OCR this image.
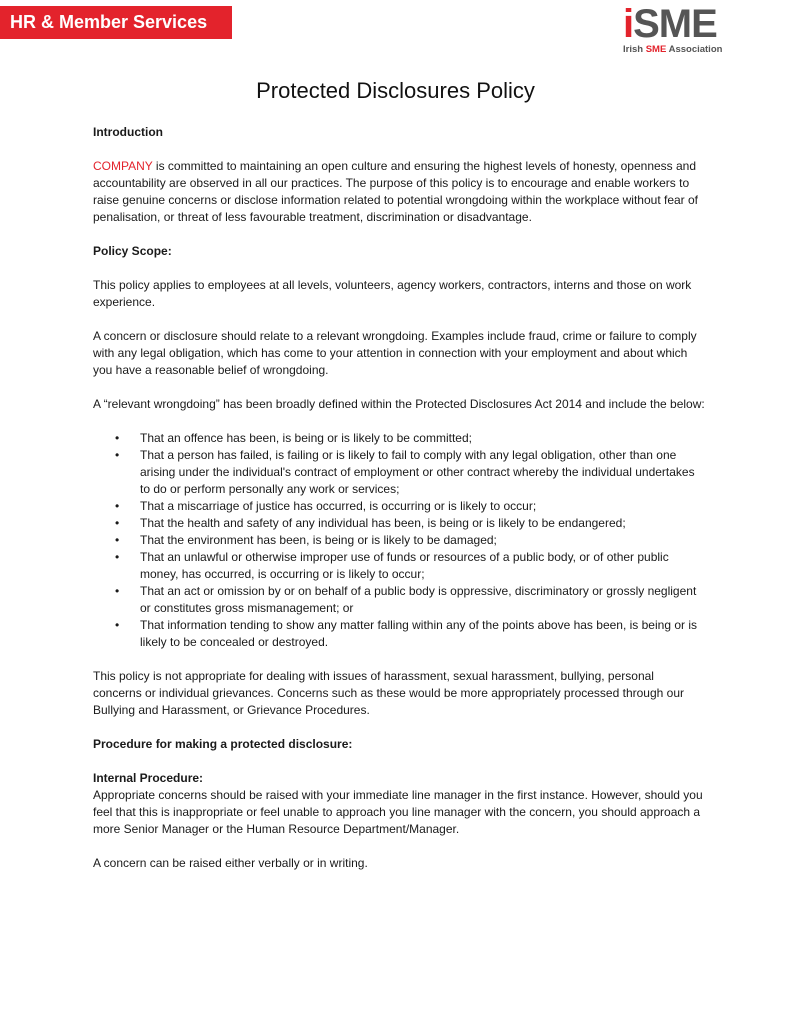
HR & Member Services	iSME
Irish SME Association
Protected Disclosures Policy

Introduction

COMPANY is committed to maintaining an open culture and ensuring the highest levels of honesty, openness and accountability are observed in all our practices. The purpose of this policy is to encourage and enable workers to raise genuine concerns or disclose information related to potential wrongdoing within the workplace without fear of penalisation, or threat of less favourable treatment, discrimination or disadvantage.

Policy Scope:

This policy applies to employees at all levels, volunteers, agency workers, contractors, interns and those on work experience.

A concern or disclosure should relate to a relevant wrongdoing. Examples include fraud, crime or failure to comply with any legal obligation, which has come to your attention in connection with your employment and about which you have a reasonable belief of wrongdoing.

A “relevant wrongdoing” has been broadly defined within the Protected Disclosures Act 2014 and include the below:

• That an offence has been, is being or is likely to be committed;
• That a person has failed, is failing or is likely to fail to comply with any legal obligation, other than one arising under the individual's contract of employment or other contract whereby the individual undertakes to do or perform personally any work or services;
• That a miscarriage of justice has occurred, is occurring or is likely to occur;
• That the health and safety of any individual has been, is being or is likely to be endangered;
• That the environment has been, is being or is likely to be damaged;
• That an unlawful or otherwise improper use of funds or resources of a public body, or of other public money, has occurred, is occurring or is likely to occur;
• That an act or omission by or on behalf of a public body is oppressive, discriminatory or grossly negligent or constitutes gross mismanagement; or
• That information tending to show any matter falling within any of the points above has been, is being or is likely to be concealed or destroyed.

This policy is not appropriate for dealing with issues of harassment, sexual harassment, bullying, personal concerns or individual grievances. Concerns such as these would be more appropriately processed through our Bullying and Harassment, or Grievance Procedures.

Procedure for making a protected disclosure:

Internal Procedure:

Appropriate concerns should be raised with your immediate line manager in the first instance. However, should you feel that this is inappropriate or feel unable to approach you line manager with the concern, you should approach a more Senior Manager or the Human Resource Department/Manager.

A concern can be raised either verbally or in writing.
